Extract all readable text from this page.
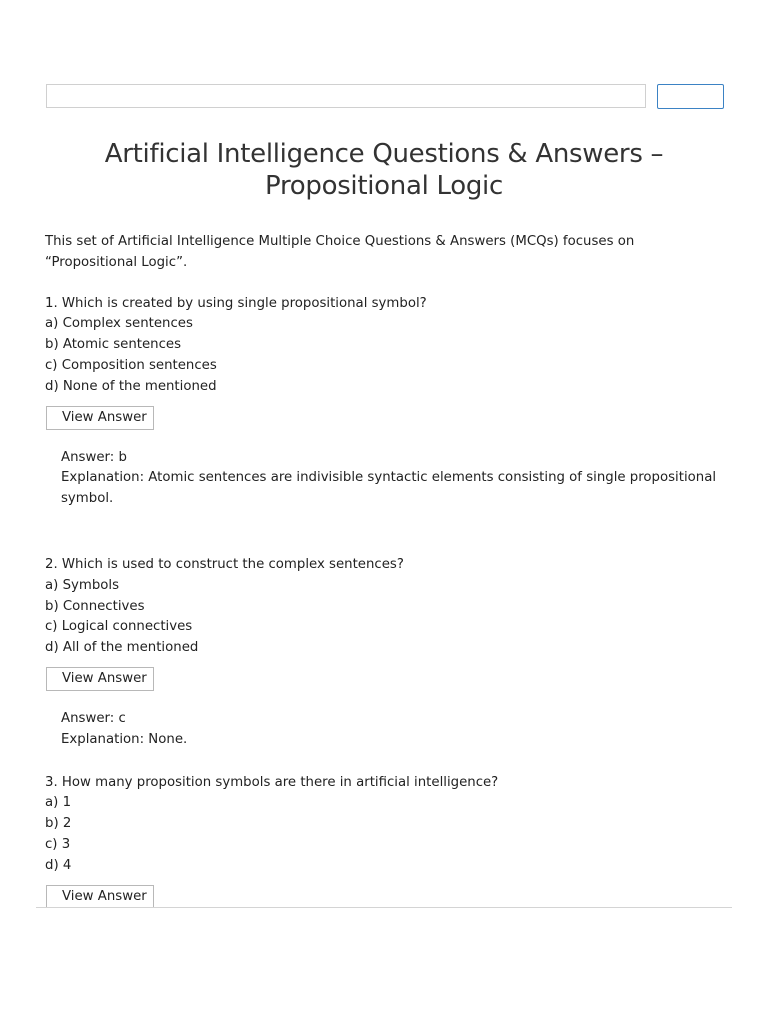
Artificial Intelligence Questions & Answers –
Propositional Logic

This set of Artificial Intelligence Multiple Choice Questions & Answers (MCQs) focuses on
“Propositional Logic”.

1. Which is created by using single propositional symbol?
a) Complex sentences
b) Atomic sentences
c) Composition sentences
d) None of the mentioned
View Answer
Answer: b
Explanation: Atomic sentences are indivisible syntactic elements consisting of single propositional
symbol.
2. Which is used to construct the complex sentences?
a) Symbols
b) Connectives
c) Logical connectives
d) All of the mentioned
View Answer
Answer: c
Explanation: None.
3. How many proposition symbols are there in artificial intelligence?
a) 1
b) 2
c) 3
d) 4
View Answer
